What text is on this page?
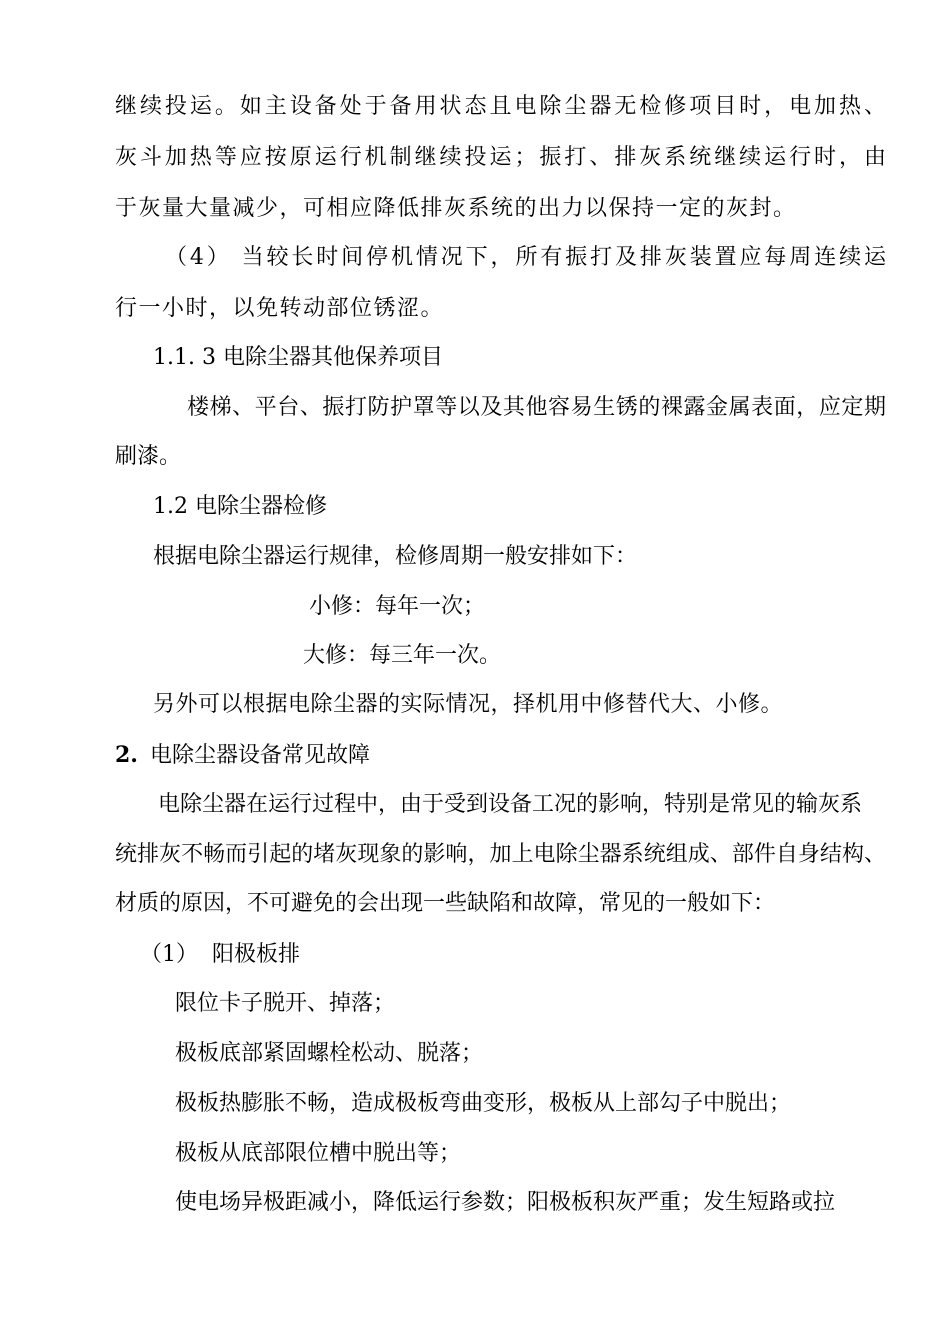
继续投运。如主设备处于备用状态且电除尘器无检修项目时，电加热、
灰斗加热等应按原运行机制继续投运；振打、排灰系统继续运行时，由
于灰量大量减少，可相应降低排灰系统的出力以保持一定的灰封。
（4） 当较长时间停机情况下，所有振打及排灰装置应每周连续运
行一小时，以免转动部位锈涩。
1.1. 3 电除尘器其他保养项目
楼梯、平台、振打防护罩等以及其他容易生锈的裸露金属表面，应定期
刷漆。
1.2 电除尘器检修
根据电除尘器运行规律，检修周期一般安排如下：
小修：每年一次；
大修：每三年一次。
另外可以根据电除尘器的实际情况，择机用中修替代大、小修。
2. 电除尘器设备常见故障
电除尘器在运行过程中，由于受到设备工况的影响，特别是常见的输灰系
统排灰不畅而引起的堵灰现象的影响，加上电除尘器系统组成、部件自身结构、
材质的原因，不可避免的会出现一些缺陷和故障，常见的一般如下：
（1）  阳极板排
限位卡子脱开、掉落；
极板底部紧固螺栓松动、脱落；
极板热膨胀不畅，造成极板弯曲变形，极板从上部勾子中脱出；
极板从底部限位槽中脱出等；
使电场异极距减小，降低运行参数；阳极板积灰严重；发生短路或拉
